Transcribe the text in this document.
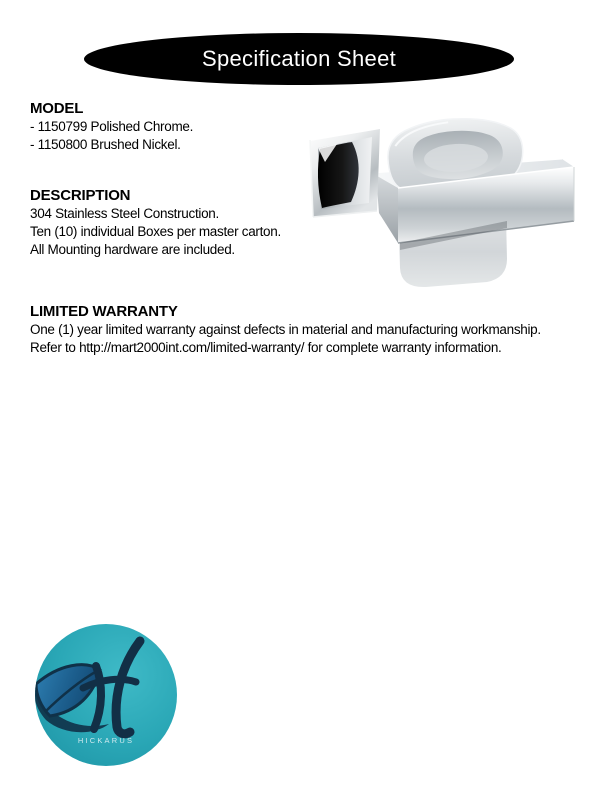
Specification Sheet
MODEL

- 1150799 Polished Chrome.

- 1150800 Brushed Nickel.

DESCRIPTION

304 Stainless Steel Construction.

Ten (10) individual Boxes per master carton.

All Mounting hardware are included.

LIMITED WARRANTY

One (1) year limited warranty against defects in material and manufacturing workmanship.

Refer to http://mart2000int.com/limited-warranty/ for complete warranty information.

HICKARUS
